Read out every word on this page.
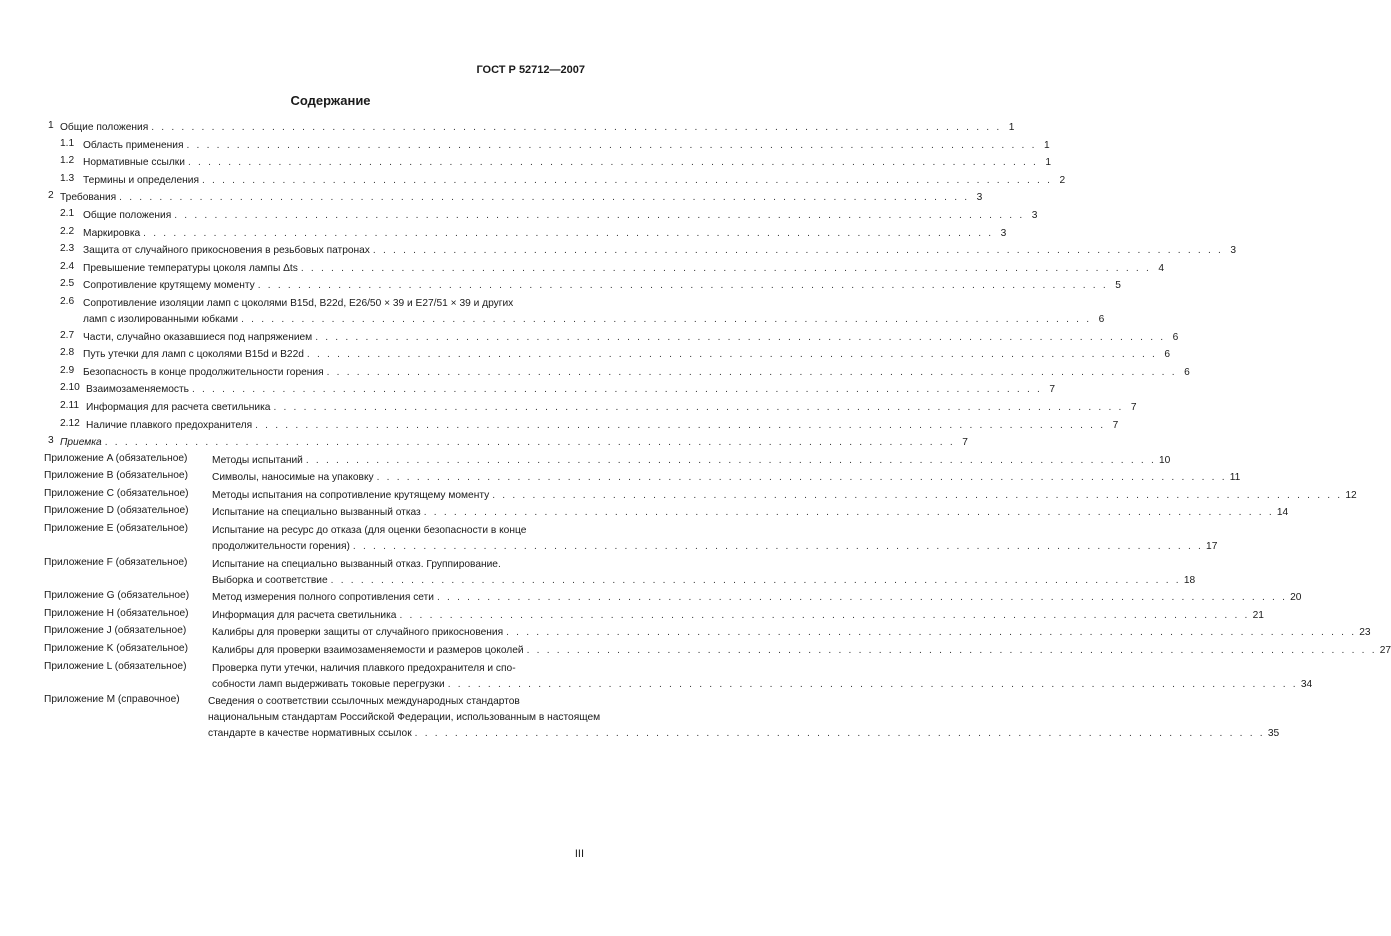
ГОСТ Р 52712—2007
Содержание
1 Общие положения . . . . . . . . . . . . . . . . . . . . . . . . . . . . . . . . . . . . . . . . . . . . . . . . . . . . . . . . . . . . . . . . . . . . . . . . . . . . . . . . . . . . . 1
1.1 Область применения . . . . . . . . . . . . . . . . . . . . . . . . . . . . . . . . . . . . . . . . . . . . . . . . . . . . . . . . . . . . . . . . . . . . . . . . . . . . . . . . . . . . . 1
1.2 Нормативные ссылки . . . . . . . . . . . . . . . . . . . . . . . . . . . . . . . . . . . . . . . . . . . . . . . . . . . . . . . . . . . . . . . . . . . . . . . . . . . . . . . . . . . . . 1
1.3 Термины и определения . . . . . . . . . . . . . . . . . . . . . . . . . . . . . . . . . . . . . . . . . . . . . . . . . . . . . . . . . . . . . . . . . . . . . . . . . . . . . . . . . . . . . 2
2 Требования . . . . . . . . . . . . . . . . . . . . . . . . . . . . . . . . . . . . . . . . . . . . . . . . . . . . . . . . . . . . . . . . . . . . . . . . . . . . . . . . . . . . . 3
2.1 Общие положения . . . . . . . . . . . . . . . . . . . . . . . . . . . . . . . . . . . . . . . . . . . . . . . . . . . . . . . . . . . . . . . . . . . . . . . . . . . . . . . . . . . . . 3
2.2 Маркировка . . . . . . . . . . . . . . . . . . . . . . . . . . . . . . . . . . . . . . . . . . . . . . . . . . . . . . . . . . . . . . . . . . . . . . . . . . . . . . . . . . . . . 3
2.3 Защита от случайного прикосновения в резьбовых патронах . . . . . . . . . . . . . . . . . . . . . . . . . . . . . . . . . . . . . . . . . . . . . . . . . . . . . . . . . . . . . . . . . . . . . . . . . . . . . . . . . . . . . 3
2.4 Превышение температуры цоколя лампы Δts . . . . . . . . . . . . . . . . . . . . . . . . . . . . . . . . . . . . . . . . . . . . . . . . . . . . . . . . . . . . . . . . . . . . . . . . . . . . . . . . . . . . . 4
2.5 Сопротивление крутящему моменту . . . . . . . . . . . . . . . . . . . . . . . . . . . . . . . . . . . . . . . . . . . . . . . . . . . . . . . . . . . . . . . . . . . . . . . . . . . . . . . . . . . . . 5
2.6 Сопротивление изоляции ламп с цоколями B15d, B22d, E26/50 × 39 и E27/51 × 39 и других
ламп с изолированными юбками . . . . . . . . . . . . . . . . . . . . . . . . . . . . . . . . . . . . . . . . . . . . . . . . . . . . . . . . . . . . . . . . . . . . . . . . . . . . . . . . . . . . . 6
2.7 Части, случайно оказавшиеся под напряжением . . . . . . . . . . . . . . . . . . . . . . . . . . . . . . . . . . . . . . . . . . . . . . . . . . . . . . . . . . . . . . . . . . . . . . . . . . . . . . . . . . . . . 6
2.8 Путь утечки для ламп с цоколями B15d и B22d . . . . . . . . . . . . . . . . . . . . . . . . . . . . . . . . . . . . . . . . . . . . . . . . . . . . . . . . . . . . . . . . . . . . . . . . . . . . . . . . . . . . . 6
2.9 Безопасность в конце продолжительности горения . . . . . . . . . . . . . . . . . . . . . . . . . . . . . . . . . . . . . . . . . . . . . . . . . . . . . . . . . . . . . . . . . . . . . . . . . . . . . . . . . . . . . 6
2.10 Взаимозаменяемость . . . . . . . . . . . . . . . . . . . . . . . . . . . . . . . . . . . . . . . . . . . . . . . . . . . . . . . . . . . . . . . . . . . . . . . . . . . . . . . . . . . . . 7
2.11 Информация для расчета светильника . . . . . . . . . . . . . . . . . . . . . . . . . . . . . . . . . . . . . . . . . . . . . . . . . . . . . . . . . . . . . . . . . . . . . . . . . . . . . . . . . . . . . 7
2.12 Наличие плавкого предохранителя . . . . . . . . . . . . . . . . . . . . . . . . . . . . . . . . . . . . . . . . . . . . . . . . . . . . . . . . . . . . . . . . . . . . . . . . . . . . . . . . . . . . . 7
3 Приемка . . . . . . . . . . . . . . . . . . . . . . . . . . . . . . . . . . . . . . . . . . . . . . . . . . . . . . . . . . . . . . . . . . . . . . . . . . . . . . . . . . . . . 7
Приложение A (обязательное) Методы испытаний . . . . . . . . . . . . . . . . . . . . . . . . . . . . . . . . . . . . . . . . . . . . . . . . . . . . . . . . . . . . . . . . . . . . . . . . . . . . . . . . . . . . . 10
Приложение B (обязательное) Символы, наносимые на упаковку . . . . . . . . . . . . . . . . . . . . . . . . . . . . . . . . . . . . . . . . . . . . . . . . . . . . . . . . . . . . . . . . . . . . . . . . . . . . . . . . . . . . . 11
Приложение C (обязательное) Методы испытания на сопротивление крутящему моменту . . . . . . . . . . . . . . . . . . . . . . . . . . . . . . . . . . . . . . . . . . . . . . . . . . . . . . . . . . . . . . . . . . . . . . . . . . . . . . . . . . . . . 12
Приложение D (обязательное) Испытание на специально вызванный отказ . . . . . . . . . . . . . . . . . . . . . . . . . . . . . . . . . . . . . . . . . . . . . . . . . . . . . . . . . . . . . . . . . . . . . . . . . . . . . . . . . . . . . 14
Приложение E (обязательное) Испытание на ресурс до отказа (для оценки безопасности в конце
продолжительности горения) . . . . . . . . . . . . . . . . . . . . . . . . . . . . . . . . . . . . . . . . . . . . . . . . . . . . . . . . . . . . . . . . . . . . . . . . . . . . . . . . . . . . . 17
Приложение F (обязательное) Испытание на специально вызванный отказ. Группирование.
Выборка и соответствие . . . . . . . . . . . . . . . . . . . . . . . . . . . . . . . . . . . . . . . . . . . . . . . . . . . . . . . . . . . . . . . . . . . . . . . . . . . . . . . . . . . . . 18
Приложение G (обязательное) Метод измерения полного сопротивления сети . . . . . . . . . . . . . . . . . . . . . . . . . . . . . . . . . . . . . . . . . . . . . . . . . . . . . . . . . . . . . . . . . . . . . . . . . . . . . . . . . . . . . 20
Приложение H (обязательное) Информация для расчета светильника . . . . . . . . . . . . . . . . . . . . . . . . . . . . . . . . . . . . . . . . . . . . . . . . . . . . . . . . . . . . . . . . . . . . . . . . . . . . . . . . . . . . . 21
Приложение J (обязательное)	Калибры для проверки защиты от случайного прикосновения . . . . . . . . . . . . . . . . . . . . . . . . . . . . . . . . . . . . . . . . . . . . . . . . . . . . . . . . . . . . . . . . . . . . . . . . . . . . . . . . . . . . . 23
Приложение K (обязательное) Калибры для проверки взаимозаменяемости и размеров цоколей . . . . . . . . . . . . . . . . . . . . . . . . . . . . . . . . . . . . . . . . . . . . . . . . . . . . . . . . . . . . . . . . . . . . . . . . . . . . . . . . . . . . . 27
Приложение L (обязательное)	Проверка пути утечки, наличия плавкого предохранителя и спо-
собности ламп выдерживать токовые перегрузки . . . . . . . . . . . . . . . . . . . . . . . . . . . . . . . . . . . . . . . . . . . . . . . . . . . . . . . . . . . . . . . . . . . . . . . . . . . . . . . . . . . . . 34
Приложение M (справочное)	Сведения о соответствии ссылочных международных стандартов
национальным стандартам Российской Федерации, использованным в настоящем
стандарте в качестве нормативных ссылок . . . . . . . . . . . . . . . . . . . . . . . . . . . . . . . . . . . . . . . . . . . . . . . . . . . . . . . . . . . . . . . . . . . . . . . . . . . . . . . . . . . . . 35
III
